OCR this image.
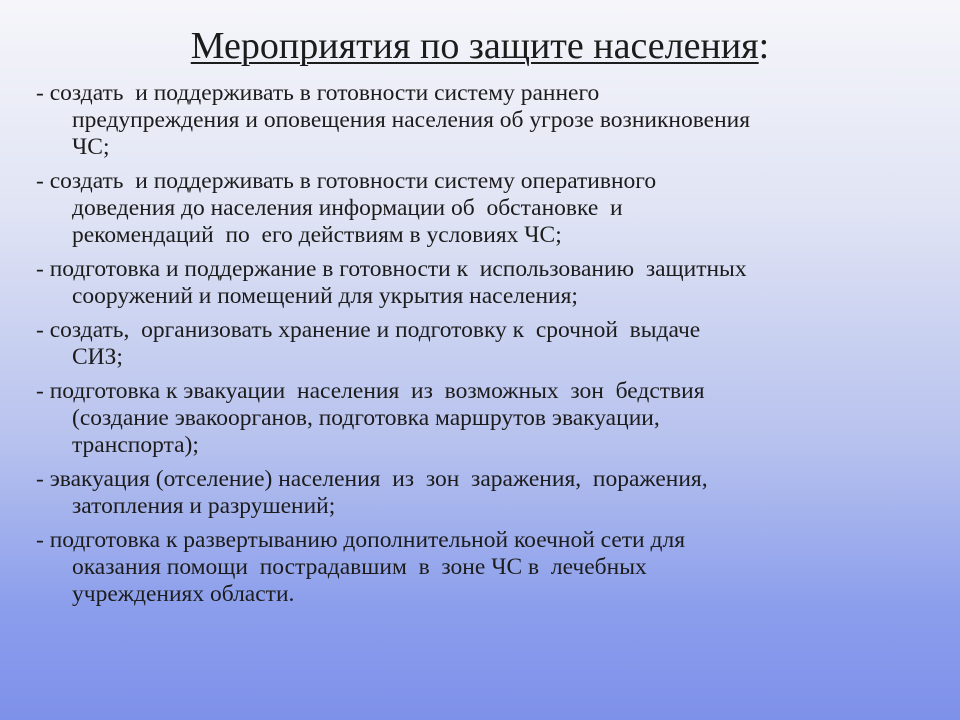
Мероприятия по защите населения:
- создать  и поддерживать в готовности систему раннего
предупреждения и оповещения населения об угрозе возникновения
ЧС;
- создать  и поддерживать в готовности систему оперативного
доведения до населения информации об  обстановке  и
рекомендаций  по  его действиям в условиях ЧС;
- подготовка и поддержание в готовности к  использованию  защитных
сооружений и помещений для укрытия населения;
- создать,  организовать хранение и подготовку к  срочной  выдаче
СИЗ;
- подготовка к эвакуации  населения  из  возможных  зон  бедствия
(создание эвакоорганов, подготовка маршрутов эвакуации,
транспорта);
- эвакуация (отселение) населения  из  зон  заражения,  поражения,
затопления и разрушений;
- подготовка к развертыванию дополнительной коечной сети для
оказания помощи  пострадавшим  в  зоне ЧС в  лечебных
учреждениях области.
